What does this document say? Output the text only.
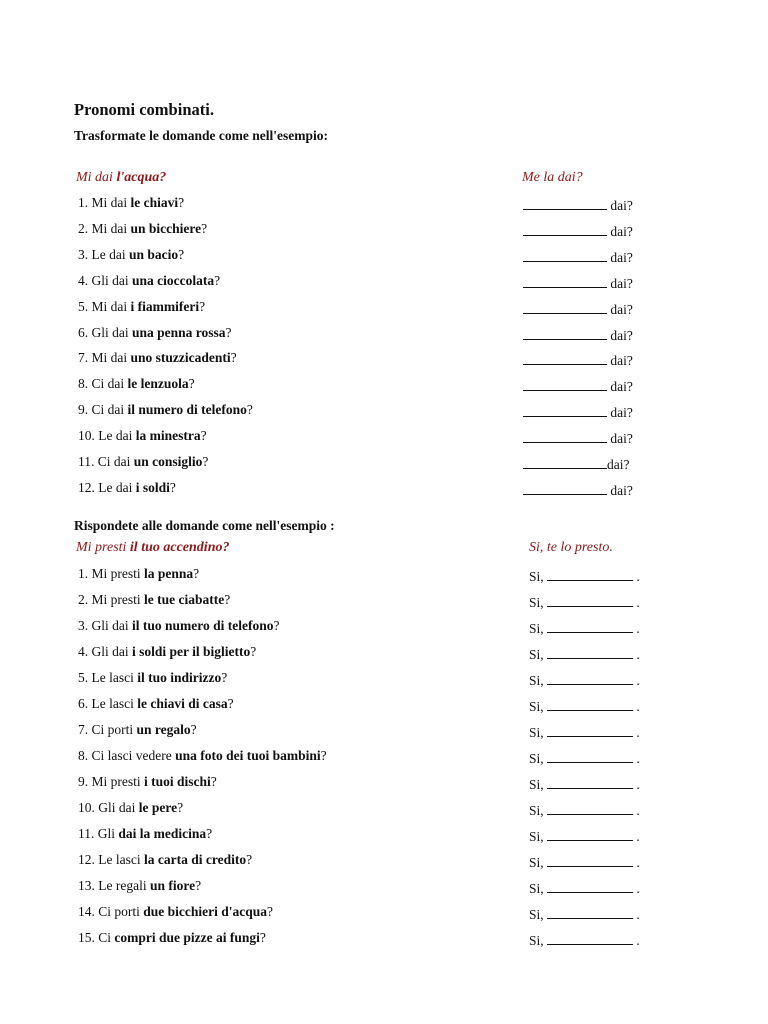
Pronomi combinati.
Trasformate le domande come nell'esempio:
Mi dai l'acqua?	Me la dai?
1. Mi dai le chiavi?	dai?
2. Mi dai un bicchiere?	dai?
3. Le dai un bacio?	dai?
4. Gli dai una cioccolata?	dai?
5. Mi dai i fiammiferi?	dai?
6. Gli dai una penna rossa?	dai?
7. Mi dai uno stuzzicadenti?	dai?
8. Ci dai le lenzuola?	dai?
9. Ci dai il numero di telefono?	dai?
10. Le dai la minestra?	dai?
11. Ci dai un consiglio?	dai?
12. Le dai i soldi?	dai?
Rispondete alle domande come nell'esempio :
Mi presti il tuo accendino?	Si, te lo presto.
1. Mi presti la penna?	Si,	.
2. Mi presti le tue ciabatte?	Si,	.
3. Gli dai il tuo numero di telefono?	Si,	.
4. Gli dai i soldi per il biglietto?	Si,	.
5. Le lasci il tuo indirizzo?	Si,	.
6. Le lasci le chiavi di casa?	Si,	.
7. Ci porti un regalo?	Si,	.
8. Ci lasci vedere una foto dei tuoi bambini?	Si,	.
9. Mi presti i tuoi dischi?	Si,	.
10. Gli dai le pere?	Si,	.
11. Gli dai la medicina?	Si,	.
12. Le lasci la carta di credito?	Si,	.
13. Le regali un fiore?	Si,	.
14. Ci porti due bicchieri d'acqua?	Si,	.
15. Ci compri due pizze ai fungi?	Si,	.
